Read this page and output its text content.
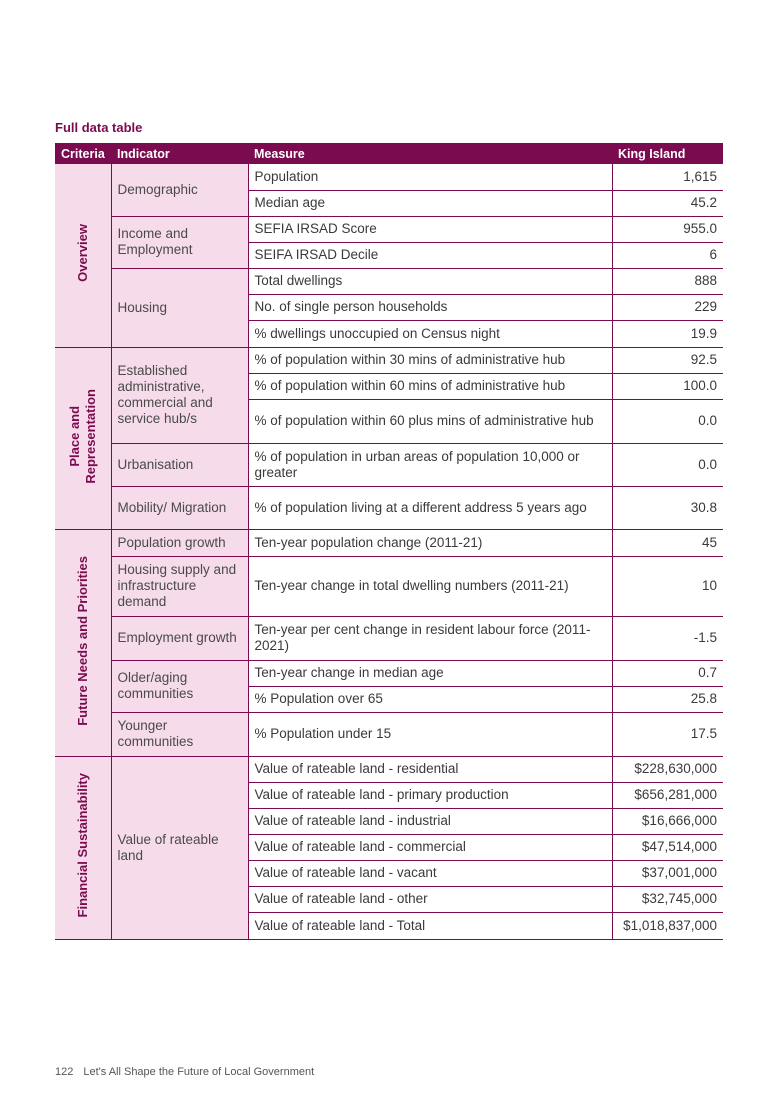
Full data table
Criteria	Indicator	Measure	King Island
Overview	Demographic	Population	1,615
		Median age	45.2
	Income and Employment	SEFIA IRSAD Score	955.0
		SEIFA IRSAD Decile	6
	Housing	Total dwellings	888
		No. of single person households	229
		% dwellings unoccupied on Census night	19.9
Place and
Representation	Established administrative, commercial and service hub/s	% of population within 30 mins of administrative hub	92.5
		% of population within 60 mins of administrative hub	100.0
		% of population within 60 plus mins of administrative hub	0.0
	Urbanisation	% of population in urban areas of population 10,000 or greater	0.0
	Mobility/ Migration	% of population living at a different address 5 years ago	30.8
Future Needs and Priorities	Population growth	Ten-year population change (2011-21)	45
	Housing supply and infrastructure demand	Ten-year change in total dwelling numbers (2011-21)	10
	Employment growth	Ten-year per cent change in resident labour force (2011-2021)	-1.5
	Older/aging communities	Ten-year change in median age	0.7
		% Population over 65	25.8
	Younger communities	% Population under 15	17.5
Financial Sustainability	Value of rateable land	Value of rateable land - residential	$228,630,000
		Value of rateable land - primary production	$656,281,000
		Value of rateable land - industrial	$16,666,000
		Value of rateable land - commercial	$47,514,000
		Value of rateable land - vacant	$37,001,000
		Value of rateable land - other	$32,745,000
		Value of rateable land - Total	$1,018,837,000
122 Let's All Shape the Future of Local Government
